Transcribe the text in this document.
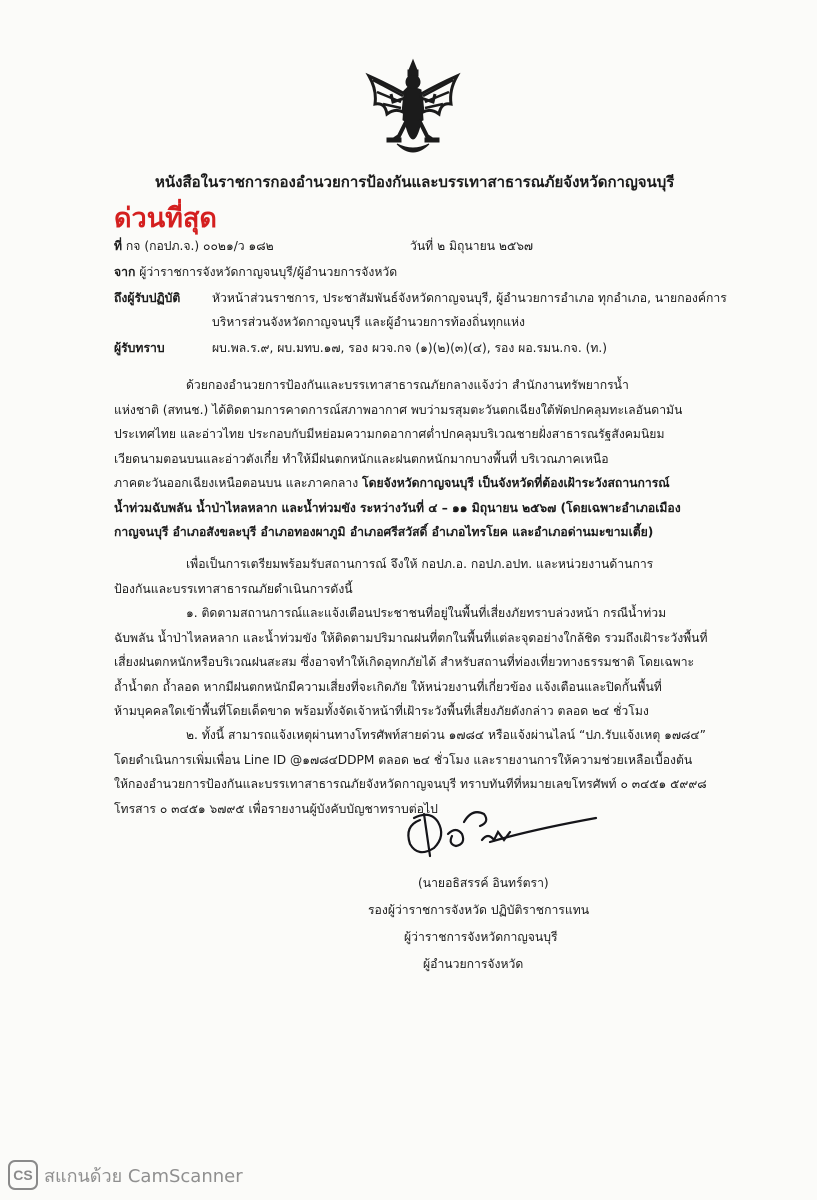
หนังสือในราชการกองอำนวยการป้องกันและบรรเทาสาธารณภัยจังหวัดกาญจนบุรี
ด่วนที่สุด
ที่ กจ (กอปภ.จ.) ๐๐๒๑/ว ๑๘๒	วันที่ ๒ มิถุนายน ๒๕๖๗
จาก ผู้ว่าราชการจังหวัดกาญจนบุรี/ผู้อำนวยการจังหวัด
ถึงผู้รับปฏิบัติ	หัวหน้าส่วนราชการ, ประชาสัมพันธ์จังหวัดกาญจนบุรี, ผู้อำนวยการอำเภอ ทุกอำเภอ, นายกองค์การ
บริหารส่วนจังหวัดกาญจนบุรี และผู้อำนวยการท้องถิ่นทุกแห่ง
ผู้รับทราบ	ผบ.พล.ร.๙, ผบ.มทบ.๑๗, รอง ผวจ.กจ (๑)(๒)(๓)(๔), รอง ผอ.รมน.กจ. (ท.)
ด้วยกองอำนวยการป้องกันและบรรเทาสาธารณภัยกลางแจ้งว่า สำนักงานทรัพยากรน้ำ
แห่งชาติ (สทนช.) ได้ติดตามการคาดการณ์สภาพอากาศ พบว่ามรสุมตะวันตกเฉียงใต้พัดปกคลุมทะเลอันดามัน
ประเทศไทย และอ่าวไทย ประกอบกับมีหย่อมความกดอากาศต่ำปกคลุมบริเวณชายฝั่งสาธารณรัฐสังคมนิยม
เวียดนามตอนบนและอ่าวตังเกี๋ย ทำให้มีฝนตกหนักและฝนตกหนักมากบางพื้นที่ บริเวณภาคเหนือ
ภาคตะวันออกเฉียงเหนือตอนบน และภาคกลาง โดยจังหวัดกาญจนบุรี เป็นจังหวัดที่ต้องเฝ้าระวังสถานการณ์
น้ำท่วมฉับพลัน น้ำป่าไหลหลาก และน้ำท่วมขัง ระหว่างวันที่ ๔ – ๑๑ มิถุนายน ๒๕๖๗ (โดยเฉพาะอำเภอเมือง
กาญจนบุรี อำเภอสังขละบุรี อำเภอทองผาภูมิ อำเภอศรีสวัสดิ์ อำเภอไทรโยค และอำเภอด่านมะขามเตี้ย)
เพื่อเป็นการเตรียมพร้อมรับสถานการณ์ จึงให้ กอปภ.อ. กอปภ.อปท. และหน่วยงานด้านการ
ป้องกันและบรรเทาสาธารณภัยดำเนินการดังนี้
๑. ติดตามสถานการณ์และแจ้งเตือนประชาชนที่อยู่ในพื้นที่เสี่ยงภัยทราบล่วงหน้า กรณีน้ำท่วม
ฉับพลัน น้ำป่าไหลหลาก และน้ำท่วมขัง ให้ติดตามปริมาณฝนที่ตกในพื้นที่แต่ละจุดอย่างใกล้ชิด รวมถึงเฝ้าระวังพื้นที่
เสี่ยงฝนตกหนักหรือบริเวณฝนสะสม ซึ่งอาจทำให้เกิดอุทกภัยได้ สำหรับสถานที่ท่องเที่ยวทางธรรมชาติ โดยเฉพาะ
ถ้ำน้ำตก ถ้ำลอด หากมีฝนตกหนักมีความเสี่ยงที่จะเกิดภัย ให้หน่วยงานที่เกี่ยวข้อง แจ้งเตือนและปิดกั้นพื้นที่
ห้ามบุคคลใดเข้าพื้นที่โดยเด็ดขาด พร้อมทั้งจัดเจ้าหน้าที่เฝ้าระวังพื้นที่เสี่ยงภัยดังกล่าว ตลอด ๒๔ ชั่วโมง
๒. ทั้งนี้ สามารถแจ้งเหตุผ่านทางโทรศัพท์สายด่วน ๑๗๘๔ หรือแจ้งผ่านไลน์ “ปภ.รับแจ้งเหตุ ๑๗๘๔”
โดยดำเนินการเพิ่มเพื่อน Line ID @๑๗๘๔DDPM ตลอด ๒๔ ชั่วโมง และรายงานการให้ความช่วยเหลือเบื้องต้น
ให้กองอำนวยการป้องกันและบรรเทาสาธารณภัยจังหวัดกาญจนบุรี ทราบทันทีที่หมายเลขโทรศัพท์ ๐ ๓๔๕๑ ๕๙๙๘
โทรสาร ๐ ๓๔๕๑ ๖๗๙๕ เพื่อรายงานผู้บังคับบัญชาทราบต่อไป
(นายอธิสรรค์ อินทร์ตรา)
รองผู้ว่าราชการจังหวัด ปฏิบัติราชการแทน
ผู้ว่าราชการจังหวัดกาญจนบุรี
ผู้อำนวยการจังหวัด
CS สแกนด้วย CamScanner
